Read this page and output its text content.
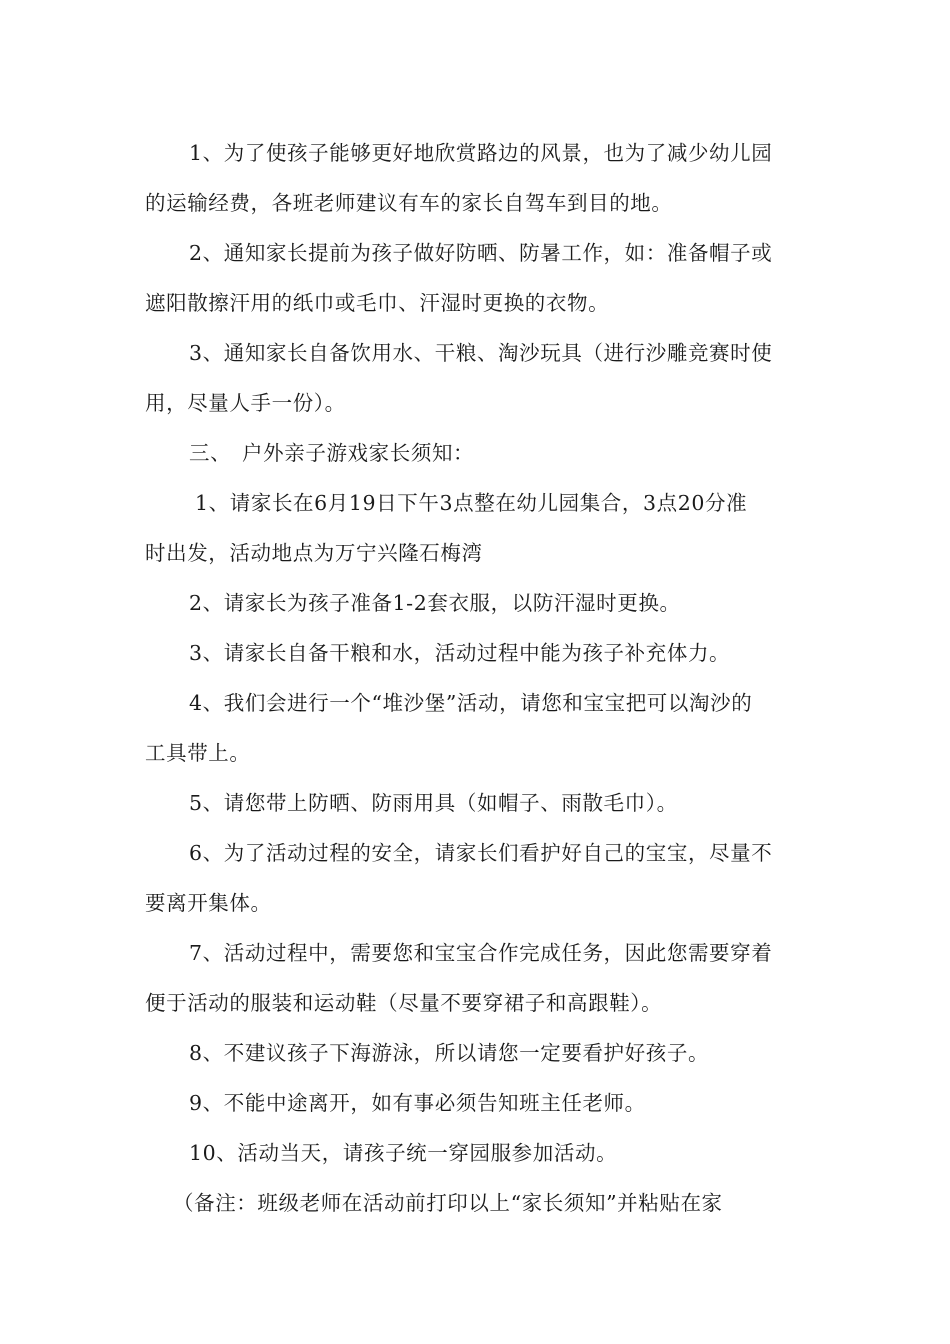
1、为了使孩子能够更好地欣赏路边的风景，也为了减少幼儿园
的运输经费，各班老师建议有车的家长自驾车到目的地。

2、通知家长提前为孩子做好防晒、防暑工作，如：准备帽子或
遮阳散擦汗用的纸巾或毛巾、汗湿时更换的衣物。

3、通知家长自备饮用水、干粮、淘沙玩具（进行沙雕竞赛时使
用，尽量人手一份）。

三、　户外亲子游戏家长须知：

1、请家长在6月19日下午3点整在幼儿园集合，3点20分准
时出发，活动地点为万宁兴隆石梅湾

2、请家长为孩子准备1-2套衣服，以防汗湿时更换。

3、请家长自备干粮和水，活动过程中能为孩子补充体力。

4、我们会进行一个“堆沙堡”活动，请您和宝宝把可以淘沙的
工具带上。

5、请您带上防晒、防雨用具（如帽子、雨散毛巾）。

6、为了活动过程的安全，请家长们看护好自己的宝宝，尽量不
要离开集体。

7、活动过程中，需要您和宝宝合作完成任务，因此您需要穿着
便于活动的服装和运动鞋（尽量不要穿裙子和高跟鞋）。

8、不建议孩子下海游泳，所以请您一定要看护好孩子。

9、不能中途离开，如有事必须告知班主任老师。

10、活动当天，请孩子统一穿园服参加活动。

（备注：班级老师在活动前打印以上“家长须知”并粘贴在家
